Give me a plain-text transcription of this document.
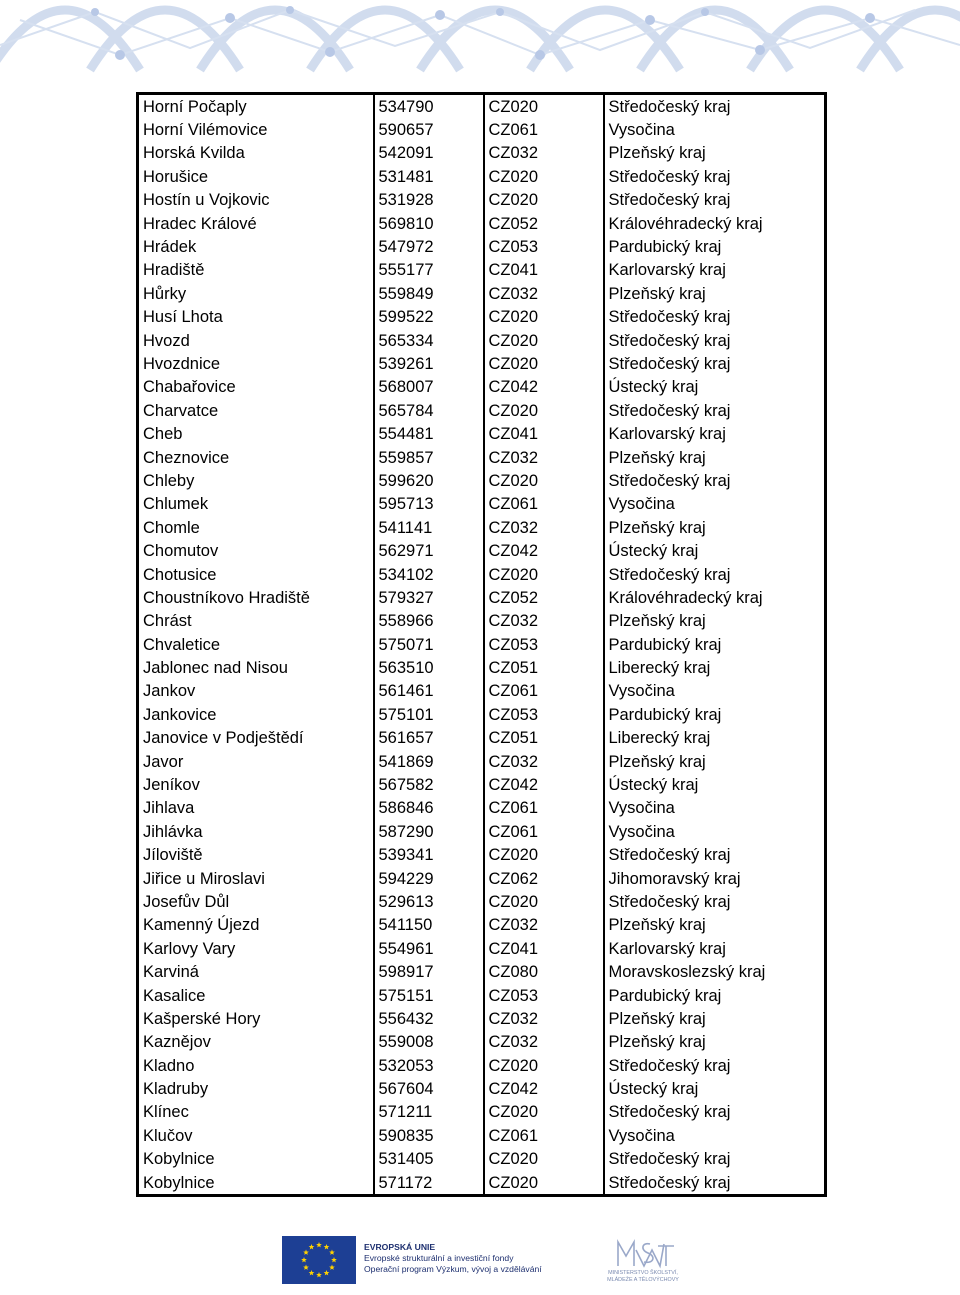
Horní Počaply	534790	CZ020	Středočeský kraj
Horní Vilémovice	590657	CZ061	Vysočina
Horská Kvilda	542091	CZ032	Plzeňský kraj
Horušice	531481	CZ020	Středočeský kraj
Hostín u Vojkovic	531928	CZ020	Středočeský kraj
Hradec Králové	569810	CZ052	Královéhradecký kraj
Hrádek	547972	CZ053	Pardubický kraj
Hradiště	555177	CZ041	Karlovarský kraj
Hůrky	559849	CZ032	Plzeňský kraj
Husí Lhota	599522	CZ020	Středočeský kraj
Hvozd	565334	CZ020	Středočeský kraj
Hvozdnice	539261	CZ020	Středočeský kraj
Chabařovice	568007	CZ042	Ústecký kraj
Charvatce	565784	CZ020	Středočeský kraj
Cheb	554481	CZ041	Karlovarský kraj
Cheznovice	559857	CZ032	Plzeňský kraj
Chleby	599620	CZ020	Středočeský kraj
Chlumek	595713	CZ061	Vysočina
Chomle	541141	CZ032	Plzeňský kraj
Chomutov	562971	CZ042	Ústecký kraj
Chotusice	534102	CZ020	Středočeský kraj
Choustníkovo Hradiště	579327	CZ052	Královéhradecký kraj
Chrást	558966	CZ032	Plzeňský kraj
Chvaletice	575071	CZ053	Pardubický kraj
Jablonec nad Nisou	563510	CZ051	Liberecký kraj
Jankov	561461	CZ061	Vysočina
Jankovice	575101	CZ053	Pardubický kraj
Janovice v Podještědí	561657	CZ051	Liberecký kraj
Javor	541869	CZ032	Plzeňský kraj
Jeníkov	567582	CZ042	Ústecký kraj
Jihlava	586846	CZ061	Vysočina
Jihlávka	587290	CZ061	Vysočina
Jíloviště	539341	CZ020	Středočeský kraj
Jiřice u Miroslavi	594229	CZ062	Jihomoravský kraj
Josefův Důl	529613	CZ020	Středočeský kraj
Kamenný Újezd	541150	CZ032	Plzeňský kraj
Karlovy Vary	554961	CZ041	Karlovarský kraj
Karviná	598917	CZ080	Moravskoslezský kraj
Kasalice	575151	CZ053	Pardubický kraj
Kašperské Hory	556432	CZ032	Plzeňský kraj
Kaznějov	559008	CZ032	Plzeňský kraj
Kladno	532053	CZ020	Středočeský kraj
Kladruby	567604	CZ042	Ústecký kraj
Klínec	571211	CZ020	Středočeský kraj
Klučov	590835	CZ061	Vysočina
Kobylnice	531405	CZ020	Středočeský kraj
Kobylnice	571172	CZ020	Středočeský kraj
EVROPSKÁ UNIE
Evropské strukturální a investiční fondy
Operační program Výzkum, vývoj a vzdělávání	MINISTERSTVO ŠKOLSTVÍ,
MLÁDEŽE A TĚLOVÝCHOVY
